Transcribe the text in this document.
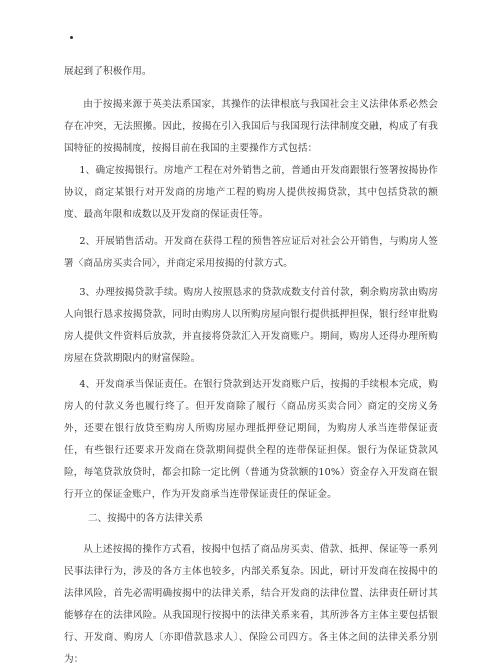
展起到了积极作用。

由于按揭来源于英美法系国家，其操作的法律根底与我国社会主义法律体系必然会存在冲突，无法照搬。因此，按揭在引入我国后与我国现行法律制度交融，构成了有我国特征的按揭制度，按揭目前在我国的主要操作方式包括：

1、确定按揭银行。房地产工程在对外销售之前，普通由开发商跟银行签署按揭协作协议，商定某银行对开发商的房地产工程的购房人提供按揭贷款，其中包括贷款的额度、最高年限和成数以及开发商的保证责任等。

2、开展销售活动。开发商在获得工程的预售答应证后对社会公开销售，与购房人签署〈商品房买卖合同〉，并商定采用按揭的付款方式。

3、办理按揭贷款手续。购房人按照恳求的贷款成数支付首付款，剩余购房款由购房人向银行恳求按揭贷款，同时由购房人以所购房屋向银行提供抵押担保，银行经审批购房人提供文件资料后放款，并直接将贷款汇入开发商账户。期间，购房人还得办理所购房屋在贷款期限内的财富保险。

4、开发商承当保证责任。在银行贷款到达开发商账户后，按揭的手续根本完成，购房人的付款义务也履行终了。但开发商除了履行〈商品房买卖合同〉商定的交房义务外，还要在银行放贷至购房人所购房屋办理抵押登记期间，为购房人承当连带保证责任，有些银行还要求开发商在贷款期间提供全程的连带保证担保。银行为保证贷款风险，每笔贷款放贷时，都会扣除一定比例（普通为贷款额的10%）资金存入开发商在银行开立的保证金账户，作为开发商承当连带保证责任的保证金。

二、按揭中的各方法律关系

从上述按揭的操作方式看，按揭中包括了商品房买卖、借款、抵押、保证等一系列民事法律行为，涉及的各方主体也较多，内部关系复杂。因此，研讨开发商在按揭中的法律风险，首先必需明确按揭中的法律关系，结合开发商的法律位置、法律责任研讨其能够存在的法律风险。从我国现行按揭中的法律关系来看，其所涉各方主体主要包括银行、开发商、购房人〔亦即借款恳求人〕、保险公司四方。各主体之间的法律关系分别为：
